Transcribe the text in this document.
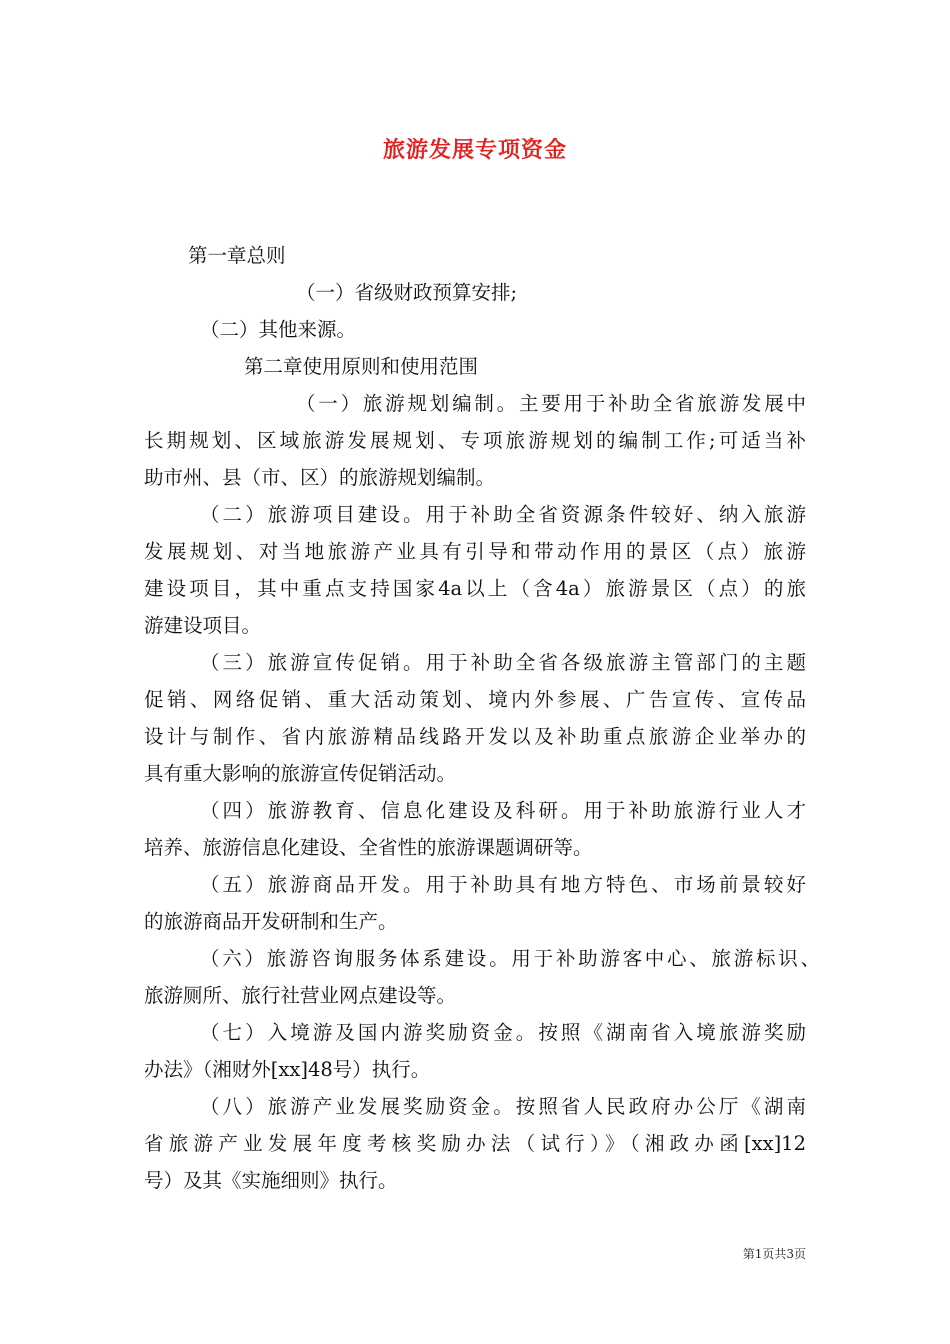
旅游发展专项资金
第一章总则
（一）省级财政预算安排;
（二）其他来源。
第二章使用原则和使用范围
（一）旅游规划编制。主要用于补助全省旅游发展中
长期规划、区域旅游发展规划、专项旅游规划的编制工作;可适当补
助市州、县（市、区）的旅游规划编制。
（二）旅游项目建设。用于补助全省资源条件较好、纳入旅游
发展规划、对当地旅游产业具有引导和带动作用的景区（点）旅游
建设项目，其中重点支持国家4a以上（含4a）旅游景区（点）的旅
游建设项目。
（三）旅游宣传促销。用于补助全省各级旅游主管部门的主题
促销、网络促销、重大活动策划、境内外参展、广告宣传、宣传品
设计与制作、省内旅游精品线路开发以及补助重点旅游企业举办的
具有重大影响的旅游宣传促销活动。
（四）旅游教育、信息化建设及科研。用于补助旅游行业人才
培养、旅游信息化建设、全省性的旅游课题调研等。
（五）旅游商品开发。用于补助具有地方特色、市场前景较好
的旅游商品开发研制和生产。
（六）旅游咨询服务体系建设。用于补助游客中心、旅游标识、
旅游厕所、旅行社营业网点建设等。
（七）入境游及国内游奖励资金。按照《湖南省入境旅游奖励
办法》（湘财外[xx]48号）执行。
（八）旅游产业发展奖励资金。按照省人民政府办公厅《湖南
省旅游产业发展年度考核奖励办法（试行）》（湘政办函[xx]12
号）及其《实施细则》执行。
第1页共3页
